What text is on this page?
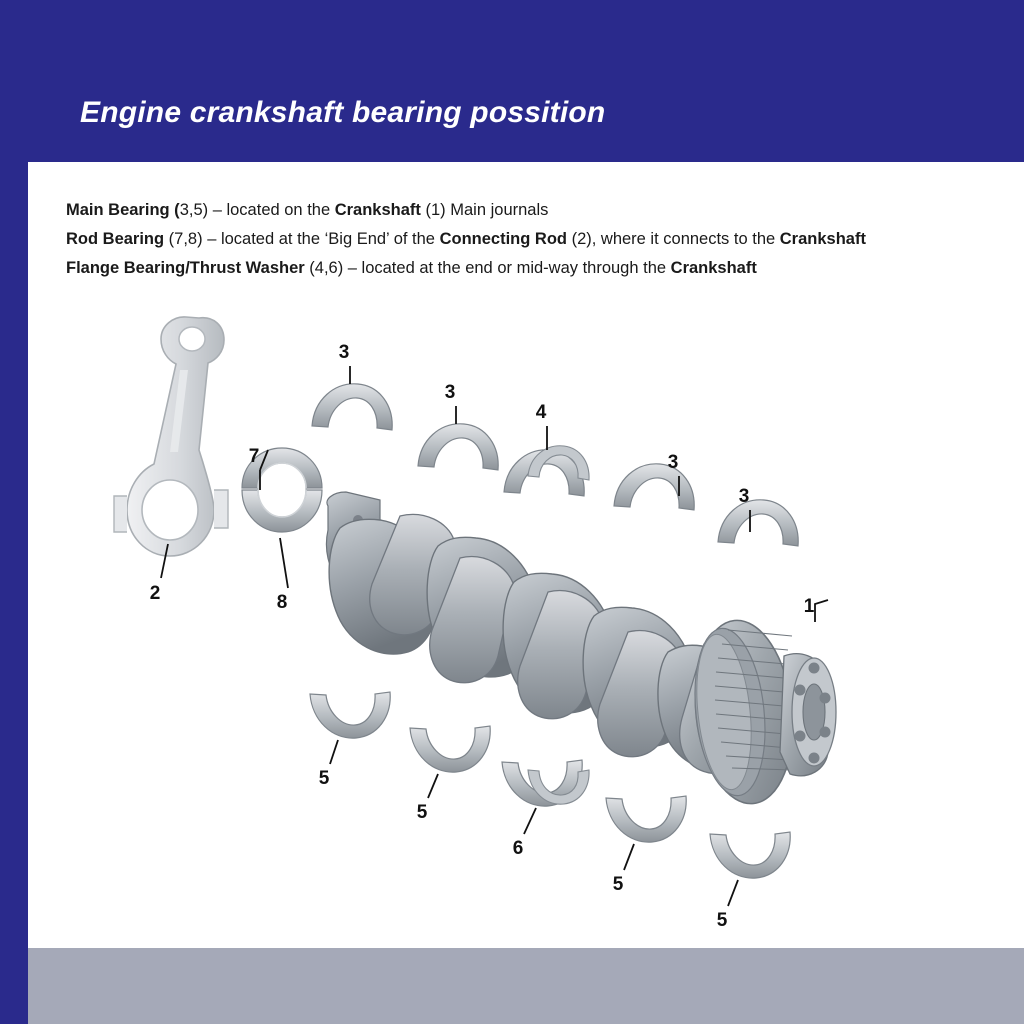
Engine crankshaft bearing possition
Main Bearing (3,5) – located on the Crankshaft (1) Main journals
Rod Bearing (7,8) – located at the ‘Big End’ of the Connecting Rod (2), where it connects to the Crankshaft
Flange Bearing/Thrust Washer (4,6) – located at the end or mid-way through the Crankshaft
3
3
4
3
3
7
2	8	1
5
5
6
5
5
